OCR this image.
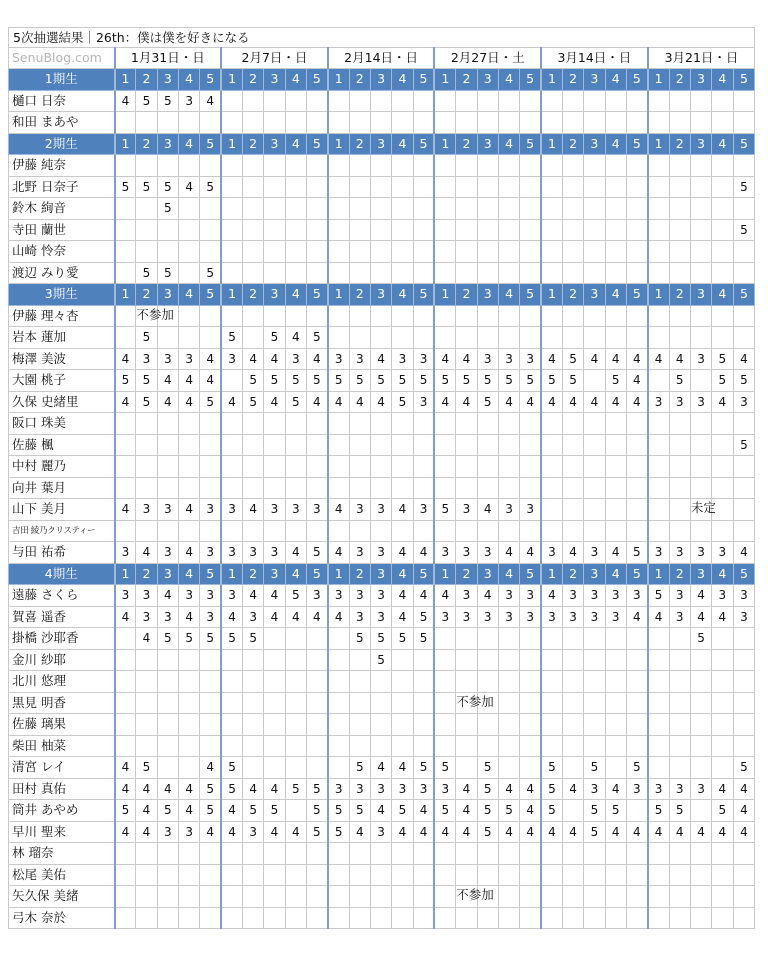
5次抽選結果｜26th：僕は僕を好きになる																														
SenuBlog.com	1月31日・日					2月7日・日					2月14日・日					2月27日・土					3月14日・日					3月21日・日				
1期生	1	2	3	4	5	1	2	3	4	5	1	2	3	4	5	1	2	3	4	5	1	2	3	4	5	1	2	3	4	5
樋口 日奈	4	5	5	3	4																									
和田 まあや																														
2期生	1	2	3	4	5	1	2	3	4	5	1	2	3	4	5	1	2	3	4	5	1	2	3	4	5	1	2	3	4	5
伊藤 純奈																														
北野 日奈子	5	5	5	4	5																									5
鈴木 絢音			5																											
寺田 蘭世																														5
山崎 怜奈																														
渡辺 みり愛		5	5		5																									
3期生	1	2	3	4	5	1	2	3	4	5	1	2	3	4	5	1	2	3	4	5	1	2	3	4	5	1	2	3	4	5
伊藤 理々杏		不参加																												

岩本 蓮加		5				5		5	4	5																				
梅澤 美波	4	3	3	3	4	3	4	4	3	4	3	3	4	3	3	4	4	3	3	3	4	5	4	4	4	4	4	3	5	4
大園 桃子	5	5	4	4	4		5	5	5	5	5	5	5	5	5	5	5	5	5	5	5	5		5	4		5		5	5
久保 史緒里	4	5	4	4	5	4	5	4	5	4	4	4	4	5	3	4	4	5	4	4	4	4	4	4	4	3	3	3	4	3
阪口 珠美																														
佐藤 楓																														5
中村 麗乃																														
向井 葉月																														
山下 美月	4	3	3	4	3	3	4	3	3	3	4	3	3	4	3	5	3	4	3	3								未定		

吉田 綾乃クリスティー																														
与田 祐希	3	4	3	4	3	3	3	3	4	5	4	3	3	4	4	3	3	3	4	4	3	4	3	4	5	3	3	3	3	4
4期生	1	2	3	4	5	1	2	3	4	5	1	2	3	4	5	1	2	3	4	5	1	2	3	4	5	1	2	3	4	5
遠藤 さくら	3	3	4	3	3	3	4	4	5	3	3	3	3	4	4	4	3	4	3	3	4	3	3	3	3	5	3	4	3	3
賀喜 遥香	4	3	3	4	3	4	3	4	4	4	4	3	3	4	5	3	3	3	3	3	3	3	3	3	4	4	3	4	4	3
掛橋 沙耶香		4	5	5	5	5	5					5	5	5	5													5		
金川 紗耶													5																	
北川 悠理																														
黒見 明香																	不参加													

佐藤 璃果																														
柴田 柚菜																														
清宮 レイ	4	5			4	5						5	4	4	5	5		5			5		5		5					5
田村 真佑	4	4	4	4	5	5	4	4	5	5	3	3	3	3	3	3	4	5	4	4	5	4	3	4	3	3	3	3	4	4
筒井 あやめ	5	4	5	4	5	4	5	5		5	5	5	4	5	4	5	4	5	5	4	5		5	5		5	5		5	4
早川 聖来	4	4	3	3	4	4	3	4	4	5	5	4	3	4	4	4	4	5	4	4	4	4	5	4	4	4	4	4	4	4
林 瑠奈																														
松尾 美佑																														
矢久保 美緒																	不参加													

弓木 奈於																														
